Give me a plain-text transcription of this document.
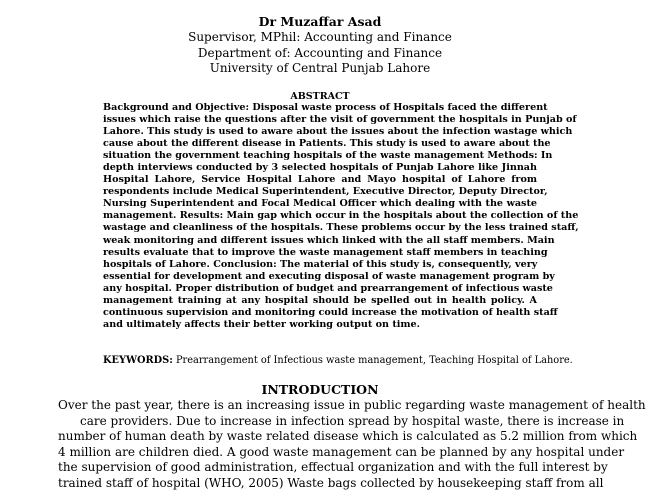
Dr Muzaffar Asad
Supervisor, MPhil: Accounting and Finance
Department of: Accounting and Finance
University of Central Punjab Lahore
ABSTRACT
Background and Objective: Disposal waste process of Hospitals faced the different
issues which raise the questions after the visit of government the hospitals in Punjab of
Lahore. This study is used to aware about the issues about the infection wastage which
cause about the different disease in Patients. This study is used to aware about the
situation the government teaching hospitals of the waste management Methods: In
depth interviews conducted by 3 selected hospitals of Punjab Lahore like Jinnah
Hospital Lahore, Service Hospital Lahore and Mayo hospital of Lahore from
respondents include Medical Superintendent, Executive Director, Deputy Director,
Nursing Superintendent and Focal Medical Officer which dealing with the waste
management. Results: Main gap which occur in the hospitals about the collection of the
wastage and cleanliness of the hospitals. These problems occur by the less trained staff,
weak monitoring and different issues which linked with the all staff members. Main
results evaluate that to improve the waste management staff members in teaching
hospitals of Lahore. Conclusion: The material of this study is, consequently, very
essential for development and executing disposal of waste management program by
any hospital. Proper distribution of budget and prearrangement of infectious waste
management training at any hospital should be spelled out in health policy. A
continuous supervision and monitoring could increase the motivation of health staff
and ultimately affects their better working output on time.
KEYWORDS: Prearrangement of Infectious waste management, Teaching Hospital of Lahore.
INTRODUCTION
Over the past year, there is an increasing issue in public regarding waste management of health
care providers. Due to increase in infection spread by hospital waste, there is increase in
number of human death by waste related disease which is calculated as 5.2 million from which
4 million are children died. A good waste management can be planned by any hospital under
the supervision of good administration, effectual organization and with the full interest by
trained staff of hospital (WHO, 2005) Waste bags collected by housekeeping staff from all
